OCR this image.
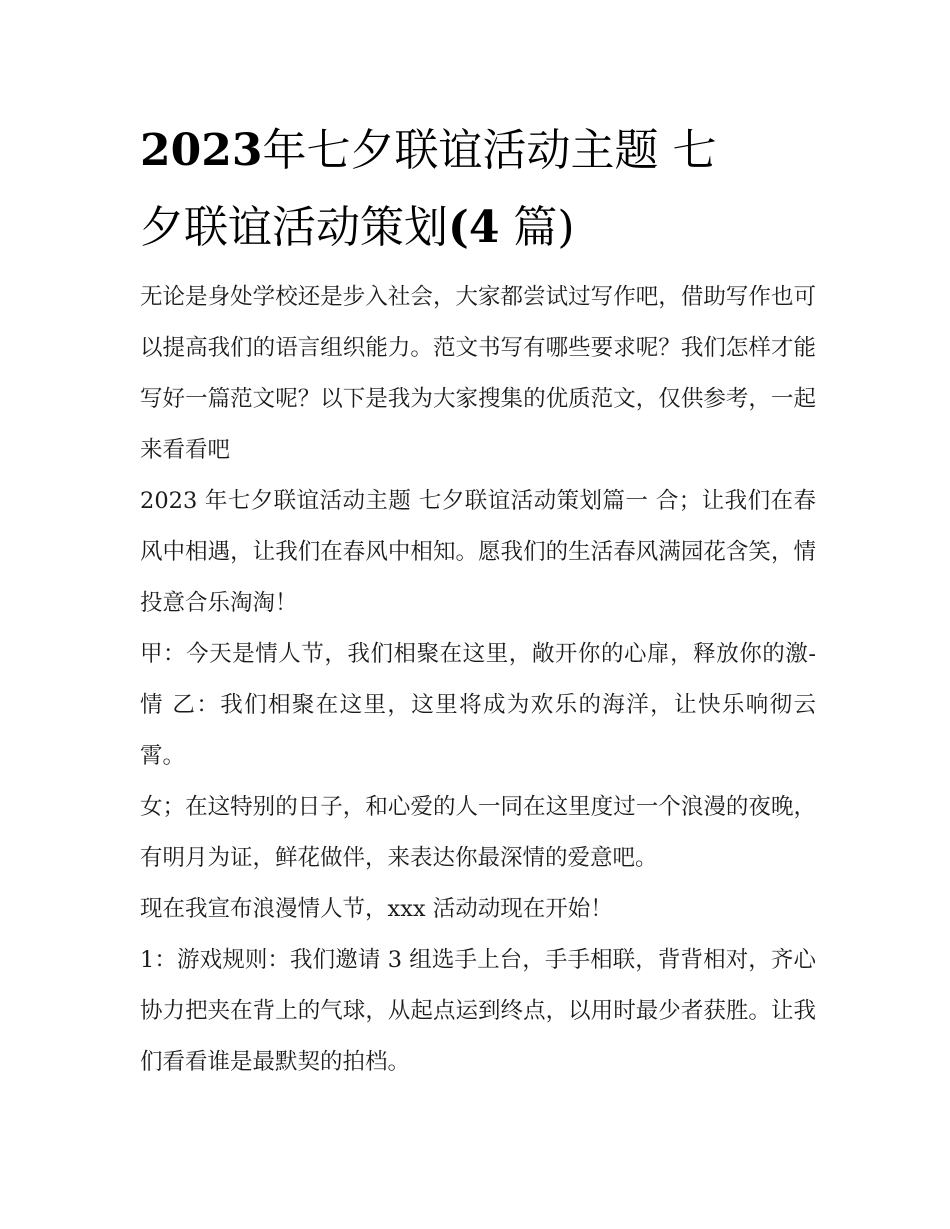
2023年七夕联谊活动主题 七
夕联谊活动策划(4 篇)

无论是身处学校还是步入社会，大家都尝试过写作吧，借助写作也可以提高我们的语言组织能力。范文书写有哪些要求呢？我们怎样才能写好一篇范文呢？以下是我为大家搜集的优质范文，仅供参考，一起来看看吧

2023 年七夕联谊活动主题 七夕联谊活动策划篇一 合；让我们在春风中相遇，让我们在春风中相知。愿我们的生活春风满园花含笑，情投意合乐淘淘！

甲：今天是情人节，我们相聚在这里，敞开你的心扉，释放你的激-情 乙：我们相聚在这里，这里将成为欢乐的海洋，让快乐响彻云霄。

女；在这特别的日子，和心爱的人一同在这里度过一个浪漫的夜晚，有明月为证，鲜花做伴，来表达你最深情的爱意吧。

现在我宣布浪漫情人节，xxx 活动动现在开始！

1：游戏规则：我们邀请 3 组选手上台，手手相联，背背相对，齐心协力把夹在背上的气球，从起点运到终点，以用时最少者获胜。让我们看看谁是最默契的拍档。
